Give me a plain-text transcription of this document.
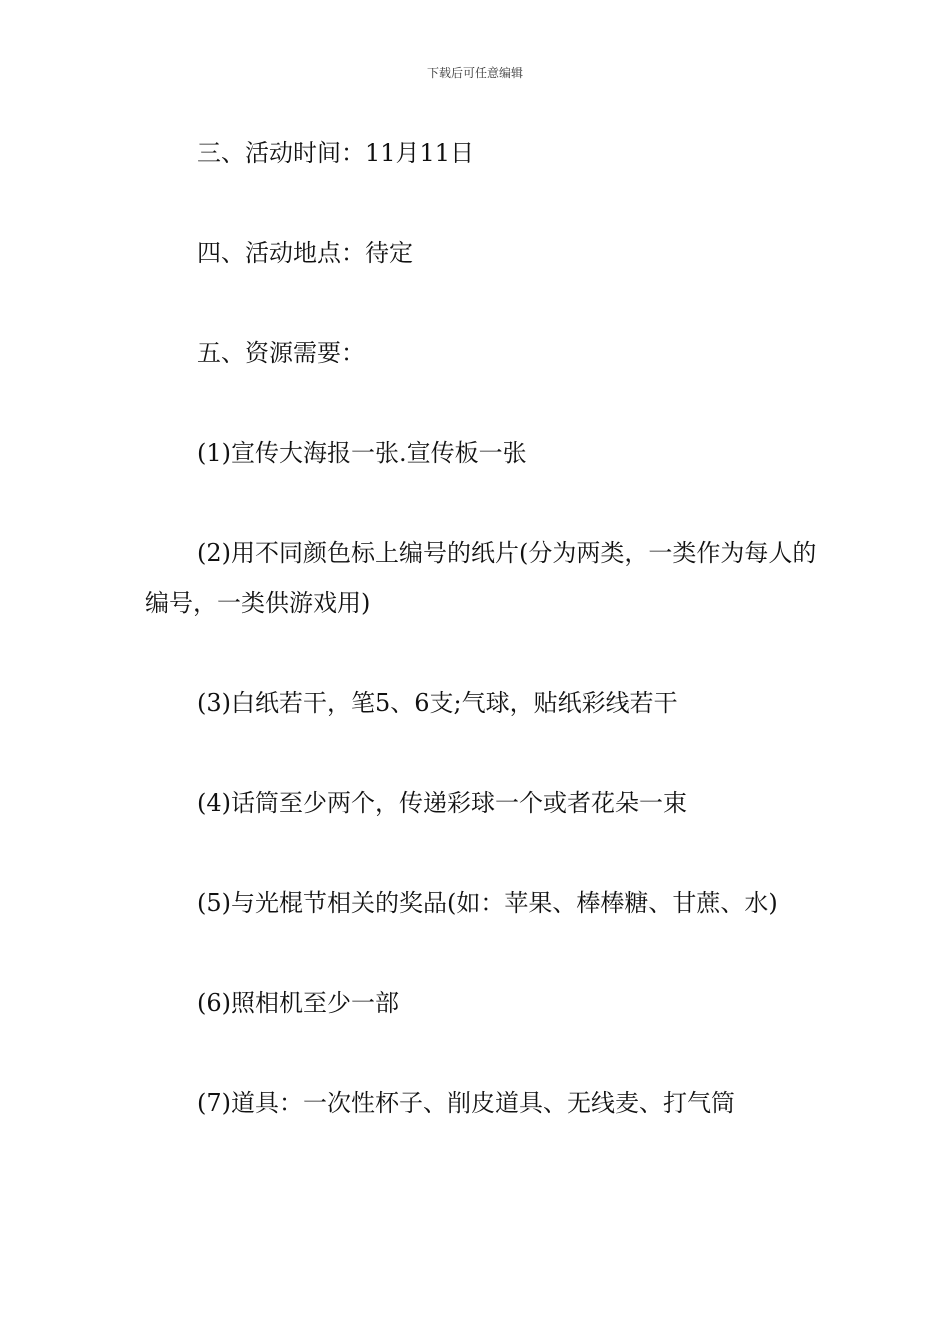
下载后可任意编辑

三、活动时间：11月11日

四、活动地点：待定

五、资源需要：

(1)宣传大海报一张.宣传板一张

(2)用不同颜色标上编号的纸片(分为两类，一类作为每人的编号，一类供游戏用)

(3)白纸若干，笔5、6支;气球，贴纸彩线若干

(4)话筒至少两个，传递彩球一个或者花朵一束

(5)与光棍节相关的奖品(如：苹果、棒棒糖、甘蔗、水)

(6)照相机至少一部

(7)道具：一次性杯子、削皮道具、无线麦、打气筒
